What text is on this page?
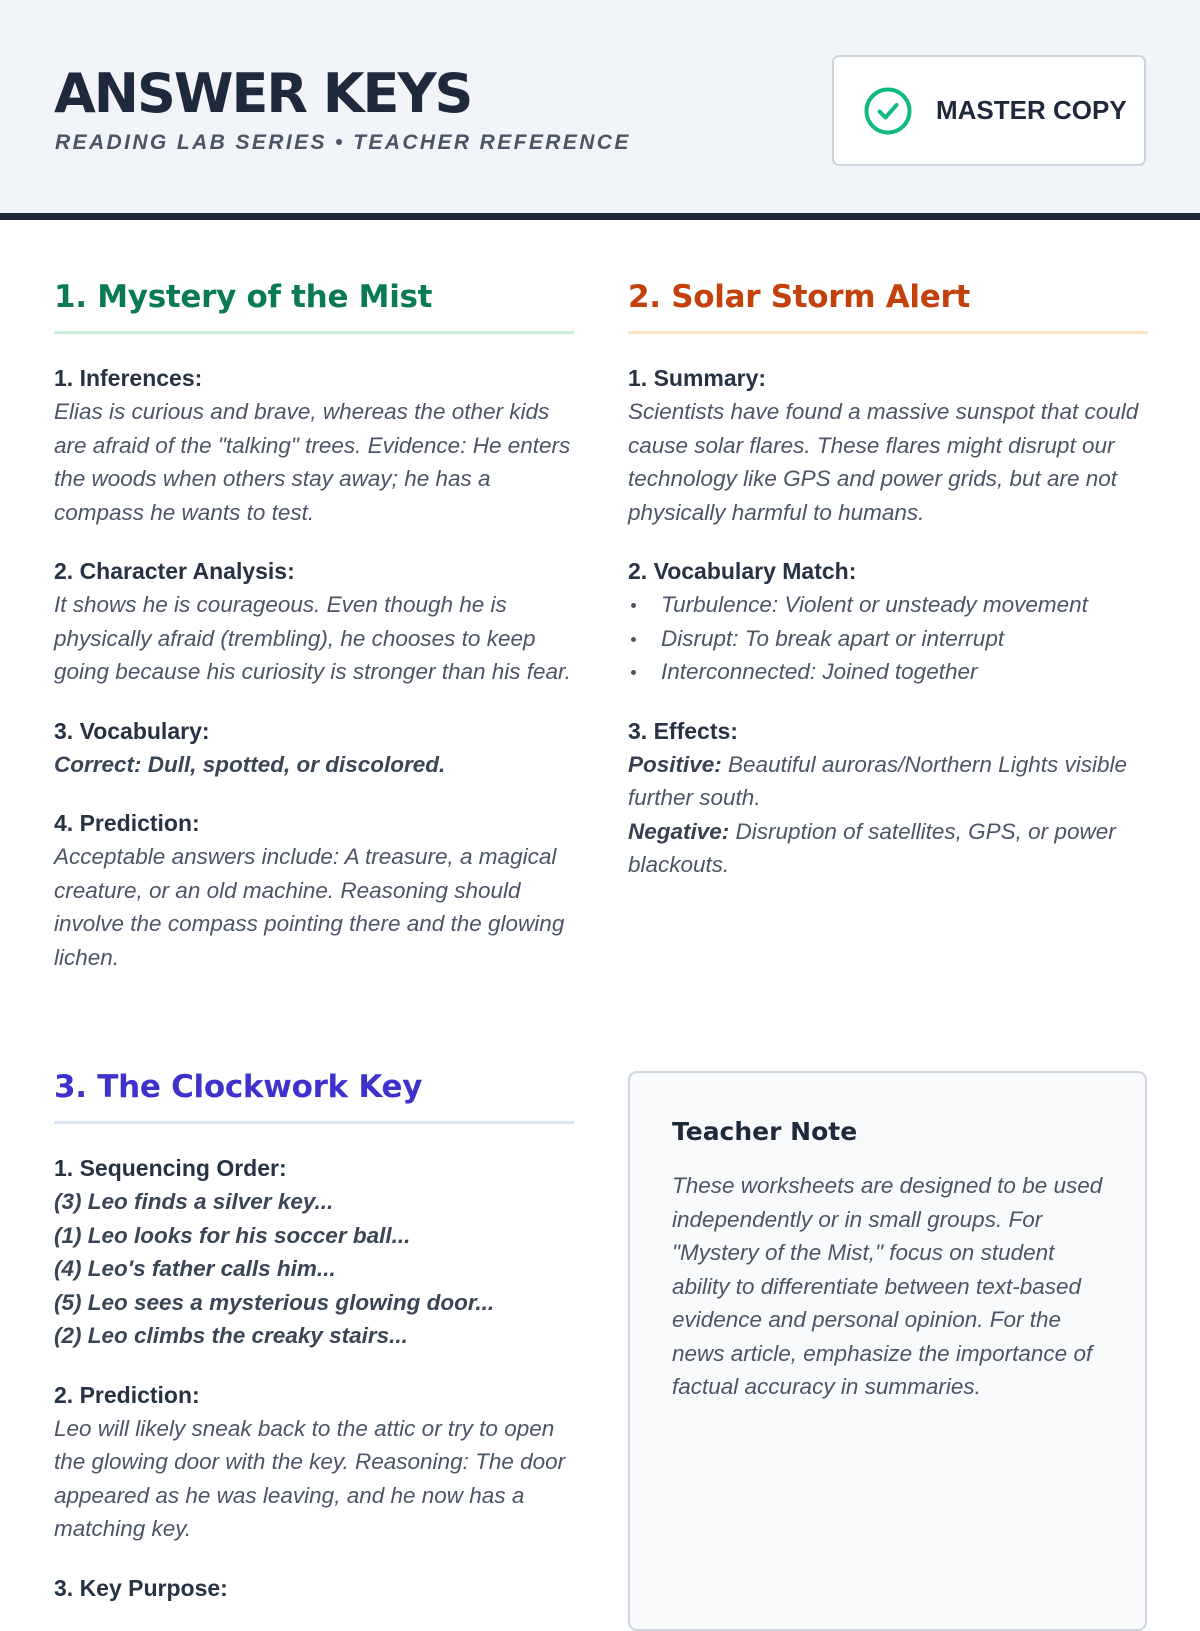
ANSWER KEYS
READING LAB SERIES • TEACHER REFERENCE
MASTER COPY
1. Mystery of the Mist
1. Inferences:
Elias is curious and brave, whereas the other kids are afraid of the "talking" trees. Evidence: He enters the woods when others stay away; he has a compass he wants to test.
2. Character Analysis:
It shows he is courageous. Even though he is physically afraid (trembling), he chooses to keep going because his curiosity is stronger than his fear.
3. Vocabulary:
Correct: Dull, spotted, or discolored.
4. Prediction:
Acceptable answers include: A treasure, a magical creature, or an old machine. Reasoning should involve the compass pointing there and the glowing lichen.
2. Solar Storm Alert
1. Summary:
Scientists have found a massive sunspot that could cause solar flares. These flares might disrupt our technology like GPS and power grids, but are not physically harmful to humans.
2. Vocabulary Match:
Turbulence: Violent or unsteady movement
Disrupt: To break apart or interrupt
Interconnected: Joined together
3. Effects:
Positive: Beautiful auroras/Northern Lights visible further south.
Negative: Disruption of satellites, GPS, or power blackouts.
3. The Clockwork Key
1. Sequencing Order:
(3) Leo finds a silver key...
(1) Leo looks for his soccer ball...
(4) Leo's father calls him...
(5) Leo sees a mysterious glowing door...
(2) Leo climbs the creaky stairs...
2. Prediction:
Leo will likely sneak back to the attic or try to open the glowing door with the key. Reasoning: The door appeared as he was leaving, and he now has a matching key.
3. Key Purpose:
Teacher Note
These worksheets are designed to be used independently or in small groups. For "Mystery of the Mist," focus on student ability to differentiate between text-based evidence and personal opinion. For the news article, emphasize the importance of factual accuracy in summaries.
